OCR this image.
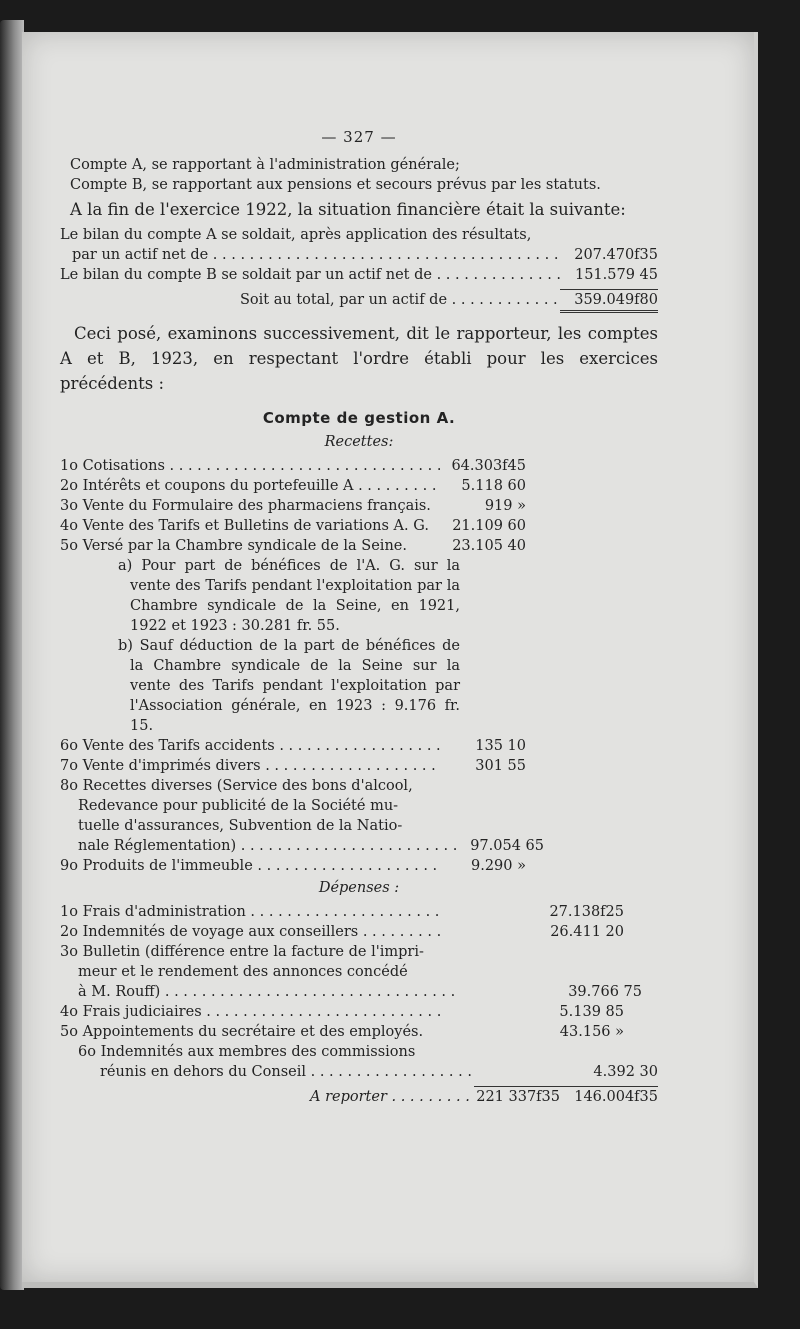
— 327 —

Compte A, se rapportant à l'administration générale;

Compte B, se rapportant aux pensions et secours prévus par les statuts.

A la fin de l'exercice 1922, la situation financière était la suivante:

Le bilan du compte A se soldait, après application des résultats,

par un actif net de . . .	207.470f35
Le bilan du compte B se soldait par un actif net de . . .	151.579 45
Soit au total, par un actif de . . .	359.049f80

Ceci posé, examinons successivement, dit le rapporteur, les comptes A et B, 1923, en respectant l'ordre établi pour les exercices précédents :

Compte de gestion A.
Recettes:
1o Cotisations . . .	64.303f45
2o Intérêts et coupons du portefeuille A . . .	5.118 60
3o Vente du Formulaire des pharmaciens français.	919 »
4o Vente des Tarifs et Bulletins de variations A. G.	21.109 60
5o Versé par la Chambre syndicale de la Seine.	23.105 40

a) Pour part de bénéfices de l'A. G. sur la vente des Tarifs pendant l'exploitation par la Chambre syndicale de la Seine, en 1921, 1922 et 1923 : 30.281 fr. 55.

b) Sauf déduction de la part de bénéfices de la Chambre syndicale de la Seine sur la vente des Tarifs pendant l'exploitation par l'Association générale, en 1923 : 9.176 fr. 15.

6o Vente des Tarifs accidents . . .	135 10
7o Vente d'imprimés divers . . .	301 55
8o Recettes diverses (Service des bons d'alcool,
Redevance pour publicité de la Société mu-
tuelle d'assurances, Subvention de la Natio-
nale Réglementation) . . .	97.054 65
9o Produits de l'immeuble . . .	9.290 »
Dépenses :
1o Frais d'administration . . .	27.138f25
2o Indemnités de voyage aux conseillers . . .	26.411 20
3o Bulletin (différence entre la facture de l'impri-
meur et le rendement des annonces concédé
à M. Rouff) . . .	39.766 75
4o Frais judiciaires . . .	5.139 85
5o Appointements du secrétaire et des employés.	43.156 »
6o Indemnités aux membres des commissions
réunis en dehors du Conseil . . .	4.392 30
A reporter . . .	221 337f35 146.004f35
